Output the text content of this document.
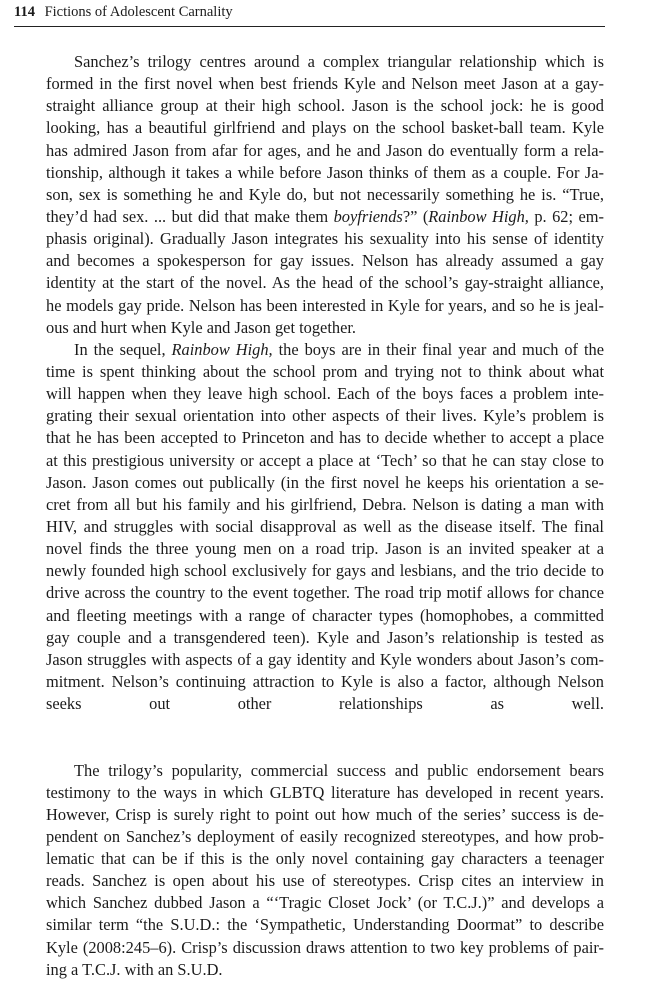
114 Fictions of Adolescent Carnality

Sanchez’s trilogy centres around a complex triangular relationship which is
formed in the first novel when best friends Kyle and Nelson meet Jason at a gay-
straight alliance group at their high school. Jason is the school jock: he is good
looking, has a beautiful girlfriend and plays on the school basket-ball team. Kyle
has admired Jason from afar for ages, and he and Jason do eventually form a rela-
tionship, although it takes a while before Jason thinks of them as a couple. For Ja-
son, sex is something he and Kyle do, but not necessarily something he is. “True,
they’d had sex. ... but did that make them boyfriends?” (Rainbow High, p. 62; em-
phasis original). Gradually Jason integrates his sexuality into his sense of identity
and becomes a spokesperson for gay issues. Nelson has already assumed a gay
identity at the start of the novel. As the head of the school’s gay-straight alliance,
he models gay pride. Nelson has been interested in Kyle for years, and so he is jeal-
ous and hurt when Kyle and Jason get together.

In the sequel, Rainbow High, the boys are in their final year and much of the
time is spent thinking about the school prom and trying not to think about what
will happen when they leave high school. Each of the boys faces a problem inte-
grating their sexual orientation into other aspects of their lives. Kyle’s problem is
that he has been accepted to Princeton and has to decide whether to accept a place
at this prestigious university or accept a place at ‘Tech’ so that he can stay close to
Jason. Jason comes out publically (in the first novel he keeps his orientation a se-
cret from all but his family and his girlfriend, Debra. Nelson is dating a man with
HIV, and struggles with social disapproval as well as the disease itself. The final
novel finds the three young men on a road trip. Jason is an invited speaker at a
newly founded high school exclusively for gays and lesbians, and the trio decide to
drive across the country to the event together. The road trip motif allows for chance
and fleeting meetings with a range of character types (homophobes, a committed
gay couple and a transgendered teen). Kyle and Jason’s relationship is tested as
Jason struggles with aspects of a gay identity and Kyle wonders about Jason’s com-
mitment. Nelson’s continuing attraction to Kyle is also a factor, although Nelson
seeks out other relationships as well.

The trilogy’s popularity, commercial success and public endorsement bears
testimony to the ways in which GLBTQ literature has developed in recent years.
However, Crisp is surely right to point out how much of the series’ success is de-
pendent on Sanchez’s deployment of easily recognized stereotypes, and how prob-
lematic that can be if this is the only novel containing gay characters a teenager
reads. Sanchez is open about his use of stereotypes. Crisp cites an interview in
which Sanchez dubbed Jason a “‘Tragic Closet Jock’ (or T.C.J.)” and develops a
similar term “the S.U.D.: the ‘Sympathetic, Understanding Doormat” to describe
Kyle (2008:245–6). Crisp’s discussion draws attention to two key problems of pair-
ing a T.C.J. with an S.U.D.
